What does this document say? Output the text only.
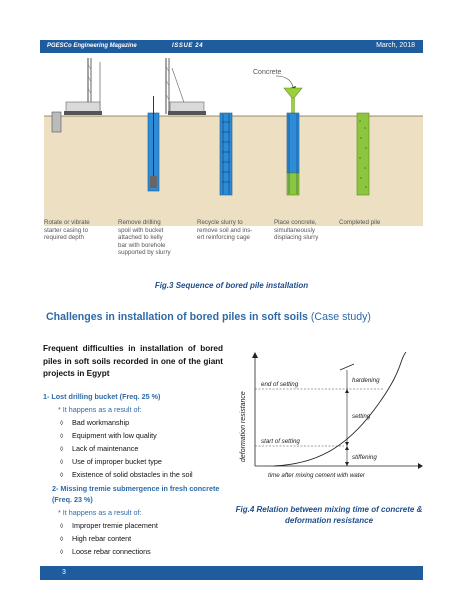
PGESCo Engineering Magazine	ISSUE 24	March, 2018
Concrete
Rotate or vibrate
starter casing to
required depth
Remove drilling
spoil with bucket
attached to kelly
bar with borehole
supported by slurry
Recycle slurry to
remove soil and ins-
ert reinforcing cage
Place concrete,
simultaneously
displacing slurry
Completed pile
Fig.3 Sequence of bored pile installation
Challenges in installation of bored piles in soft soils (Case study)
Frequent difficulties in installation of bored piles in soft soils recorded in one of the giant projects in Egypt
1- Lost drilling bucket (Freq. 25 %)
* It happens as a result of:
◊ Bad workmanship
◊ Equipment with low quality
◊ Lack of maintenance
◊ Use of improper bucket type
◊ Existence of solid obstacles in the soil
2- Missing tremie submergence in fresh concrete (Freq. 23 %)
* It happens as a result of:
◊ Improper tremie placement
◊ High rebar content
◊ Loose rebar connections
deformation resistance
end of setting
start of setting
hardening
setting
stiffening
time after mixing cement with water
Fig.4 Relation between mixing time of concrete & deformation resistance
3
